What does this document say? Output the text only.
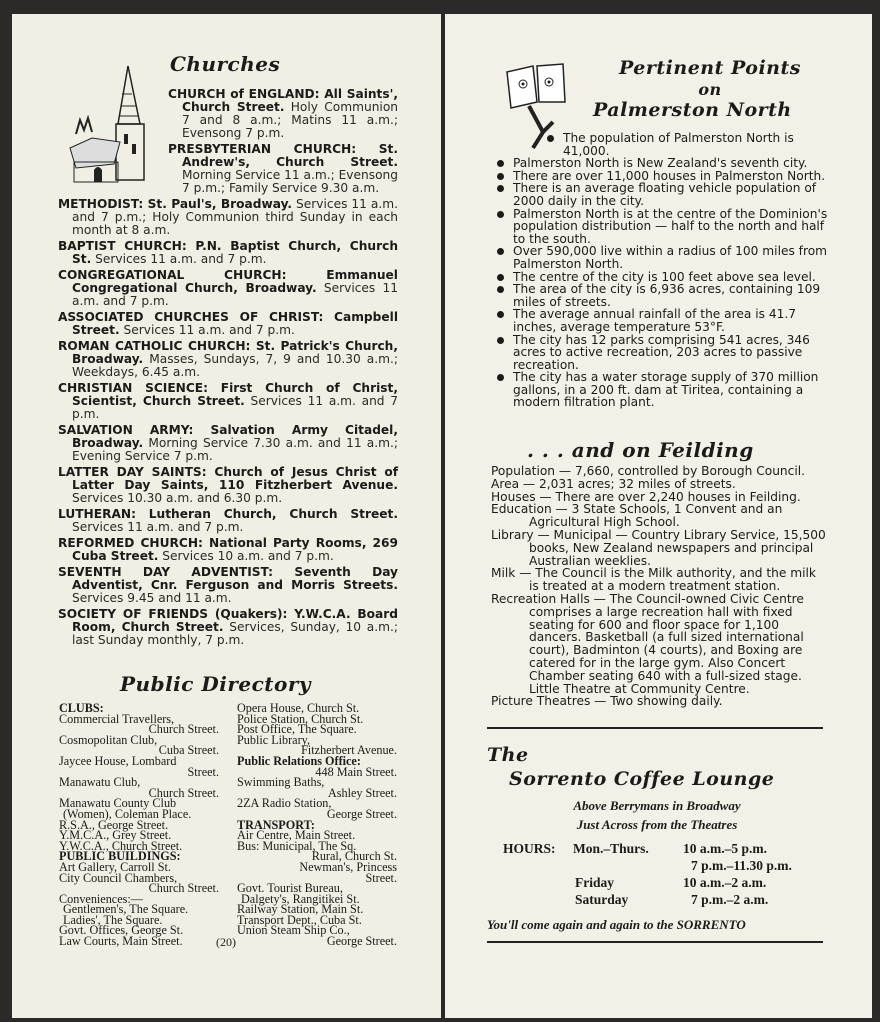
Churches
CHURCH of ENGLAND: All Saints', Church Street. Holy Communion 7 and 8 a.m.; Matins 11 a.m.; Evensong 7 p.m.
PRESBYTERIAN CHURCH: St. Andrew's, Church Street. Morning Service 11 a.m.; Evensong 7 p.m.; Family Service 9.30 a.m.
METHODIST: St. Paul's, Broadway. Services 11 a.m. and 7 p.m.; Holy Communion third Sunday in each month at 8 a.m.
BAPTIST CHURCH: P.N. Baptist Church, Church St. Services 11 a.m. and 7 p.m.
CONGREGATIONAL CHURCH: Emmanuel Congregational Church, Broadway. Services 11 a.m. and 7 p.m.
ASSOCIATED CHURCHES OF CHRIST: Campbell Street. Services 11 a.m. and 7 p.m.
ROMAN CATHOLIC CHURCH: St. Patrick's Church, Broadway. Masses, Sundays, 7, 9 and 10.30 a.m.; Weekdays, 6.45 a.m.
CHRISTIAN SCIENCE: First Church of Christ, Scientist, Church Street. Services 11 a.m. and 7 p.m.
SALVATION ARMY: Salvation Army Citadel, Broadway. Morning Service 7.30 a.m. and 11 a.m.; Evening Service 7 p.m.
LATTER DAY SAINTS: Church of Jesus Christ of Latter Day Saints, 110 Fitzherbert Avenue. Services 10.30 a.m. and 6.30 p.m.
LUTHERAN: Lutheran Church, Church Street. Services 11 a.m. and 7 p.m.
REFORMED CHURCH: National Party Rooms, 269 Cuba Street. Services 10 a.m. and 7 p.m.
SEVENTH DAY ADVENTIST: Seventh Day Adventist, Cnr. Ferguson and Morris Streets. Services 9.45 and 11 a.m.
SOCIETY OF FRIENDS (Quakers): Y.W.C.A. Board Room, Church Street. Services, Sunday, 10 a.m.; last Sunday monthly, 7 p.m.
Public Directory
CLUBS:
Commercial Travellers,
Church Street.
Cosmopolitan Club,
Cuba Street.
Jaycee House, Lombard
Street.
Manawatu Club,
Church Street.
Manawatu County Club
(Women), Coleman Place.
R.S.A., George Street.
Y.M.C.A., Grey Street.
Y.W.C.A., Church Street.
PUBLIC BUILDINGS:
Art Gallery, Carroll St.
City Council Chambers,
Church Street.
Conveniences:—
Gentlemen's, The Square.
Ladies', The Square.
Govt. Offices, George St.
Law Courts, Main Street.
Opera House, Church St.
Police Station, Church St.
Post Office, The Square.
Public Library,
Fitzherbert Avenue.
Public Relations Office:
448 Main Street.
Swimming Baths,
Ashley Street.
2ZA Radio Station,
George Street.
TRANSPORT:
Air Centre, Main Street.
Bus: Municipal, The Sq.
Rural, Church St.
Newman's, Princess
Street.
Govt. Tourist Bureau,
Dalgety's, Rangitikei St.
Railway Station, Main St.
Transport Dept., Cuba St.
Union Steam Ship Co.,
George Street.
(20)
Pertinent Points
on
Palmerston North
The population of Palmerston North is 41,000.
Palmerston North is New Zealand's seventh city.
There are over 11,000 houses in Palmerston North.
There is an average floating vehicle population of 2000 daily in the city.
Palmerston North is at the centre of the Dominion's population distribution — half to the north and half to the south.
Over 590,000 live within a radius of 100 miles from Palmerston North.
The centre of the city is 100 feet above sea level.
The area of the city is 6,936 acres, containing 109 miles of streets.
The average annual rainfall of the area is 41.7 inches, average temperature 53°F.
The city has 12 parks comprising 541 acres, 346 acres to active recreation, 203 acres to passive recreation.
The city has a water storage supply of 370 million gallons, in a 200 ft. dam at Tiritea, containing a modern filtration plant.
. . . and on Feilding
Population — 7,660, controlled by Borough Council.
Area — 2,031 acres; 32 miles of streets.
Houses — There are over 2,240 houses in Feilding.
Education — 3 State Schools, 1 Convent and an Agricultural High School.
Library — Municipal — Country Library Service, 15,500 books, New Zealand newspapers and principal Australian weeklies.
Milk — The Council is the Milk authority, and the milk is treated at a modern treatment station.
Recreation Halls — The Council-owned Civic Centre comprises a large recreation hall with fixed seating for 600 and floor space for 1,100 dancers. Basketball (a full sized international court), Badminton (4 courts), and Boxing are catered for in the large gym. Also Concert Chamber seating 640 with a full-sized stage. Little Theatre at Community Centre.
Picture Theatres — Two showing daily.
The
Sorrento Coffee Lounge
Above Berrymans in Broadway
Just Across from the Theatres
HOURS: Mon.–Thurs.	10 a.m.–5 p.m.
7 p.m.–11.30 p.m.
Friday	10 a.m.–2 a.m.
Saturday	7 p.m.–2 a.m.
You'll come again and again to the SORRENTO
